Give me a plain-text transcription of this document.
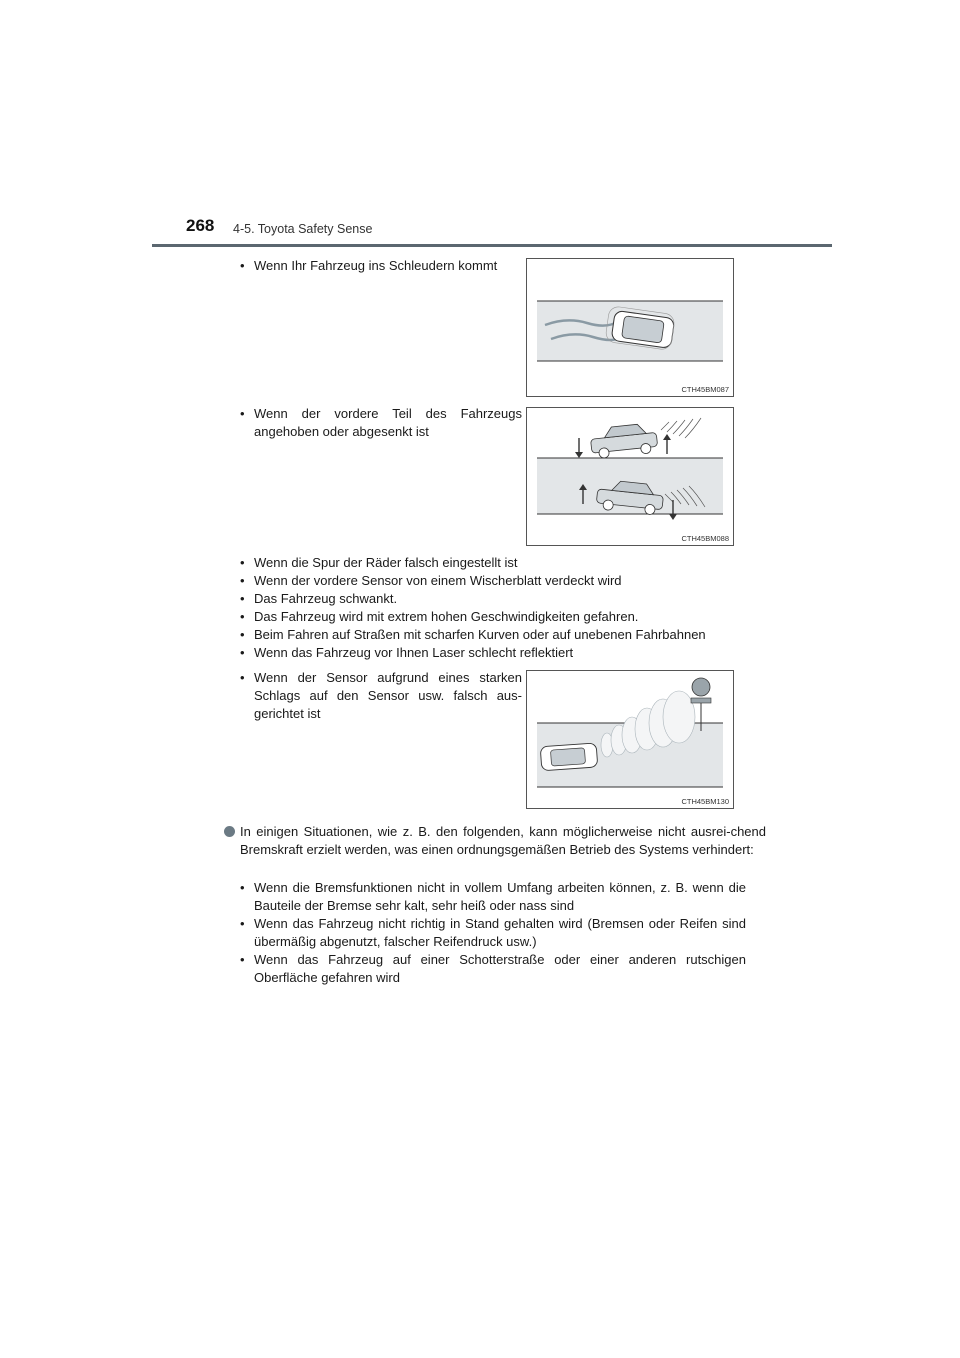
268 4-5. Toyota Safety Sense
• Wenn Ihr Fahrzeug ins Schleudern kommt
• Wenn der vordere Teil des Fahrzeugs angehoben oder abgesenkt ist
CTH45BM087
CTH45BM088
• Wenn die Spur der Räder falsch eingestellt ist
• Wenn der vordere Sensor von einem Wischerblatt verdeckt wird
• Das Fahrzeug schwankt.
• Das Fahrzeug wird mit extrem hohen Geschwindigkeiten gefahren.
• Beim Fahren auf Straßen mit scharfen Kurven oder auf unebenen Fahrbahnen
• Wenn das Fahrzeug vor Ihnen Laser schlecht reflektiert
• Wenn der Sensor aufgrund eines starken Schlags auf den Sensor usw. falsch aus-gerichtet ist
CTH45BM130
In einigen Situationen, wie z. B. den folgenden, kann möglicherweise nicht ausrei-chend Bremskraft erzielt werden, was einen ordnungsgemäßen Betrieb des Systems verhindert:
• Wenn die Bremsfunktionen nicht in vollem Umfang arbeiten können, z. B. wenn die Bauteile der Bremse sehr kalt, sehr heiß oder nass sind
• Wenn das Fahrzeug nicht richtig in Stand gehalten wird (Bremsen oder Reifen sind übermäßig abgenutzt, falscher Reifendruck usw.)
• Wenn das Fahrzeug auf einer Schotterstraße oder einer anderen rutschigen Oberfläche gefahren wird
